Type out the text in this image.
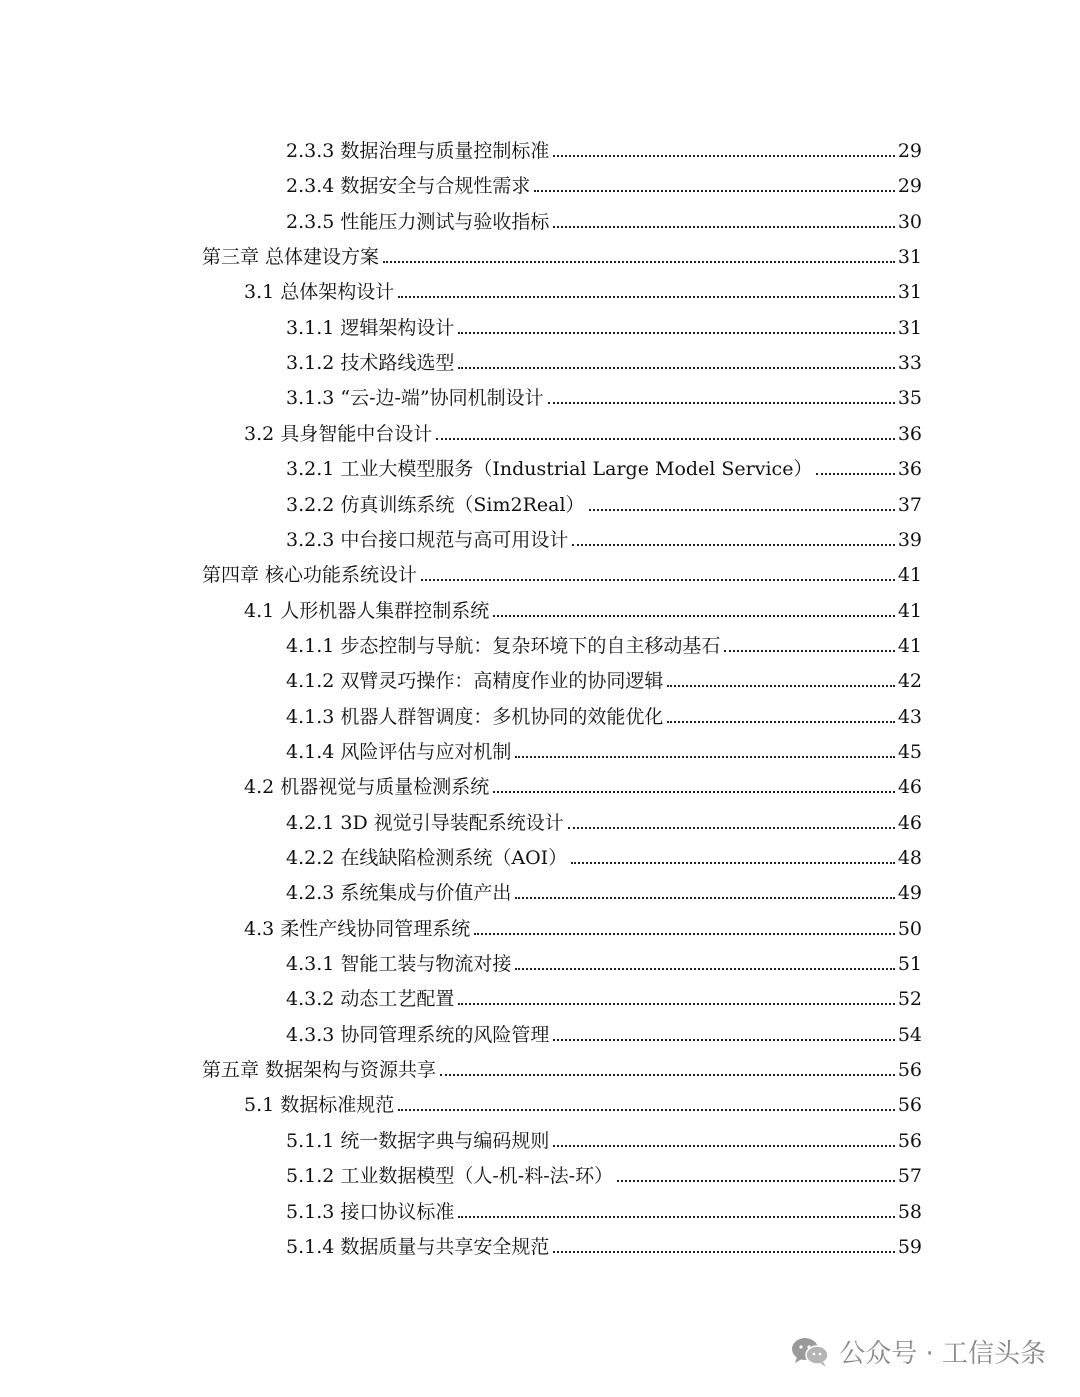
2.3.3 数据治理与质量控制标准	29
2.3.4 数据安全与合规性需求	29
2.3.5 性能压力测试与验收指标	30
第三章 总体建设方案	31
3.1 总体架构设计	31
3.1.1 逻辑架构设计	31
3.1.2 技术路线选型	33
3.1.3 “云-边-端”协同机制设计	35
3.2 具身智能中台设计	36
3.2.1 工业大模型服务（Industrial Large Model Service）	36
3.2.2 仿真训练系统（Sim2Real）	37
3.2.3 中台接口规范与高可用设计	39
第四章 核心功能系统设计	41
4.1 人形机器人集群控制系统	41
4.1.1 步态控制与导航：复杂环境下的自主移动基石	41
4.1.2 双臂灵巧操作：高精度作业的协同逻辑	42
4.1.3 机器人群智调度：多机协同的效能优化	43
4.1.4 风险评估与应对机制	45
4.2 机器视觉与质量检测系统	46
4.2.1 3D 视觉引导装配系统设计	46
4.2.2 在线缺陷检测系统（AOI）	48
4.2.3 系统集成与价值产出	49
4.3 柔性产线协同管理系统	50
4.3.1 智能工装与物流对接	51
4.3.2 动态工艺配置	52
4.3.3 协同管理系统的风险管理	54
第五章 数据架构与资源共享	56
5.1 数据标准规范	56
5.1.1 统一数据字典与编码规则	56
5.1.2 工业数据模型（人-机-料-法-环）	57
5.1.3 接口协议标准	58
5.1.4 数据质量与共享安全规范	59
公众号 · 工信头条
